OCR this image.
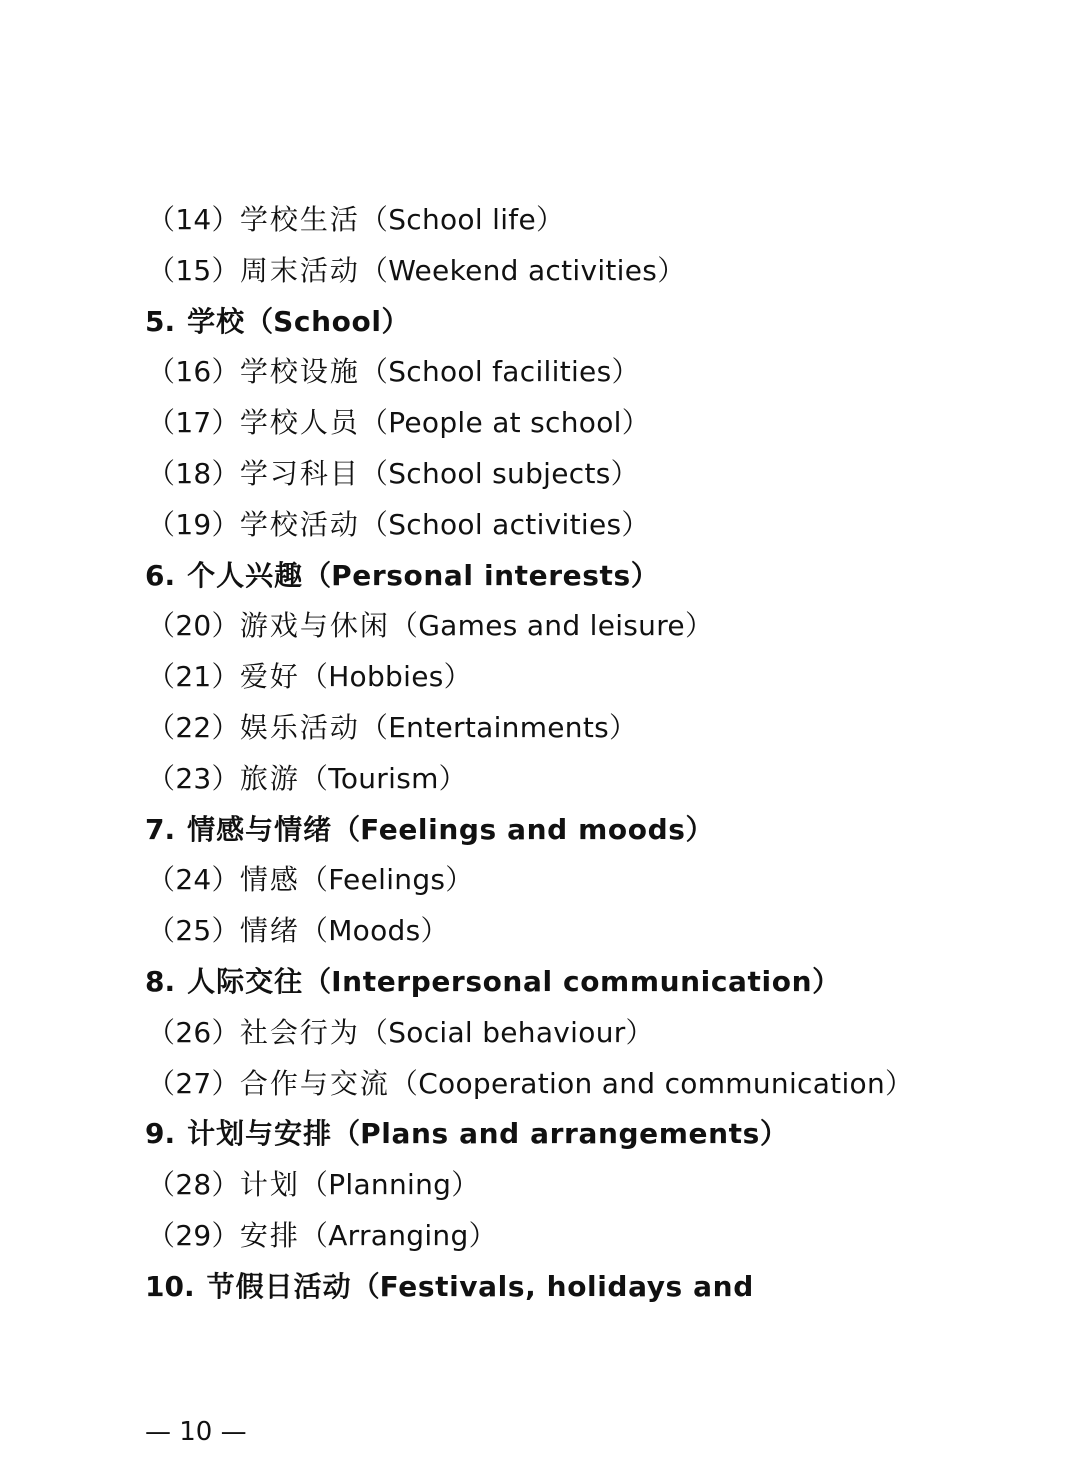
（14）学校生活（School life）
（15）周末活动（Weekend activities）
5. 学校（School）
（16）学校设施（School facilities）
（17）学校人员（People at school）
（18）学习科目（School subjects）
（19）学校活动（School activities）
6. 个人兴趣（Personal interests）
（20）游戏与休闲（Games and leisure）
（21）爱好（Hobbies）
（22）娱乐活动（Entertainments）
（23）旅游（Tourism）
7. 情感与情绪（Feelings and moods）
（24）情感（Feelings）
（25）情绪（Moods）
8. 人际交往（Interpersonal communication）
（26）社会行为（Social behaviour）
（27）合作与交流（Cooperation and communication）
9. 计划与安排（Plans and arrangements）
（28）计划（Planning）
（29）安排（Arranging）
10. 节假日活动（Festivals, holidays and
— 10 —
